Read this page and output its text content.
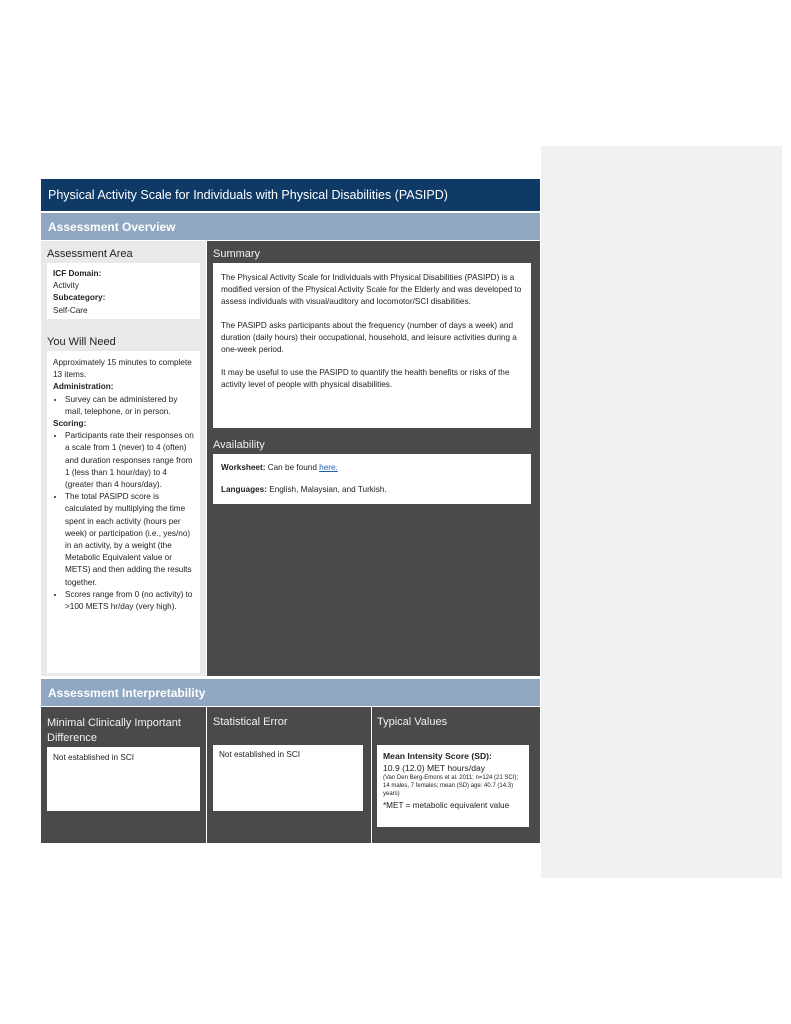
Physical Activity Scale for Individuals with Physical Disabilities (PASIPD)
Assessment Overview
Assessment Area

ICF Domain:

Activity

Subcategory:

Self-Care

You Will Need

Approximately 15 minutes to complete 13 items.

Administration:

• Survey can be administered by mail, telephone, or in person.

Scoring:

• Participants rate their responses on a scale from 1 (never) to 4 (often) and duration responses range from 1 (less than 1 hour/day) to 4 (greater than 4 hours/day).
• The total PASIPD score is calculated by multiplying the time spent in each activity (hours per week) or participation (i.e., yes/no) in an activity, by a weight (the Metabolic Equivalent value or METS) and then adding the results together.
• Scores range from 0 (no activity) to >100 METS hr/day (very high).
Summary

The Physical Activity Scale for Individuals with Physical Disabilities (PASIPD) is a modified version of the Physical Activity Scale for the Elderly and was developed to assess individuals with visual/auditory and locomotor/SCI disabilities.

The PASIPD asks participants about the frequency (number of days a week) and duration (daily hours) their occupational, household, and leisure activities during a one-week period.

It may be useful to use the PASIPD to quantify the health benefits or risks of the activity level of people with physical disabilities.

Availability

Worksheet: Can be found here.

Languages: English, Malaysian, and Turkish.

Assessment Interpretability
Minimal Clinically Important Difference

Not established in SCI

Statistical Error

Not established in SCI

Typical Values

Mean Intensity Score (SD):

10.9 (12.0) MET hours/day

(Van Den Berg-Emons et al. 2011; n=124 (21 SCI); 14 males, 7 females; mean (SD) age: 40.7 (14.3) years)

*MET = metabolic equivalent value
